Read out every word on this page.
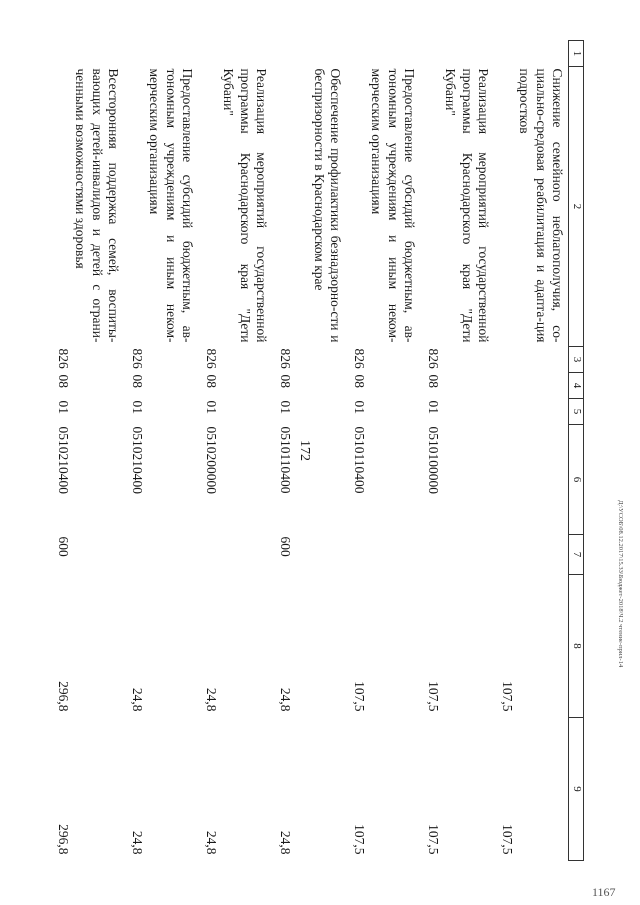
172
Д:\УСОБ\08.12.2017\15.33\Бюджет-2018\Ч.2 чтение-прил-14
1167
1	2	3	4	5	6	7	8	9
	Снижение семейного неблагополучия, со-циально-средовая реабилитация и адапта-ция подростков						107,5	107,5
	Реализация мероприятий государственной программы Краснодарского края "Дети Кубани"	826	08	01	0510100000		107,5	107,5
	Предоставление субсидий бюджетным, ав-тономным учреждениям и иным неком-мерческим организациям	826	08	01	0510110400		107,5	107,5
	Обеспечение профилактики безнадзорно-сти и беспризорности в Краснодарском крае	826	08	01	0510110400	600	24,8	24,8
	Реализация мероприятий государственной программы Краснодарского края "Дети Кубани"	826	08	01	0510200000		24,8	24,8
	Предоставление субсидий бюджетным, ав-тономным учреждениям и иным неком-мерческим организациям	826	08	01	0510210400		24,8	24,8
	Всесторонняя поддержка семей, воспиты-вающих детей-инвалидов и детей с ограни-ченными возможностями здоровья	826	08	01	0510210400	600	296,8	296,8
